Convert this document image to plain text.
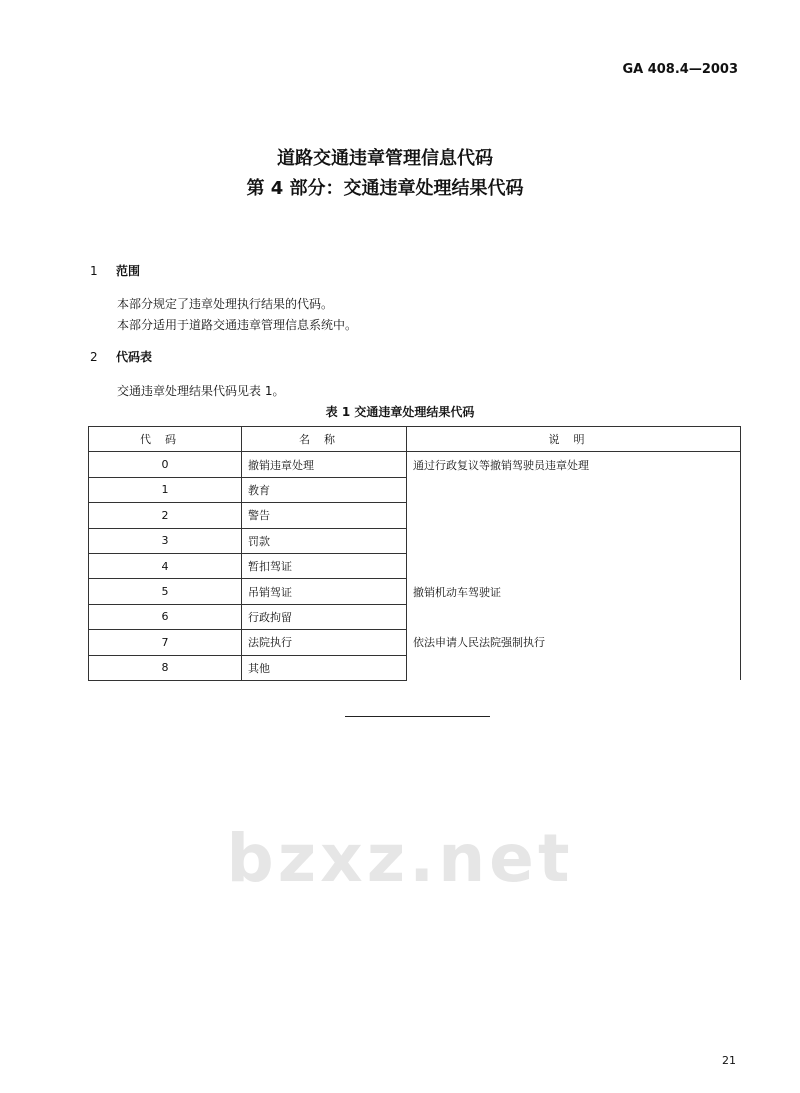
bzxz.net
GA 408.4—2003
道路交通违章管理信息代码
第 4 部分：交通违章处理结果代码
1 范围
本部分规定了违章处理执行结果的代码。
本部分适用于道路交通违章管理信息系统中。
2 代码表
交通违章处理结果代码见表 1。
表 1 交通违章处理结果代码
代码	名称	说明
0	撤销违章处理	通过行政复议等撤销驾驶员违章处理
1	教育	
2	警告	
3	罚款	
4	暂扣驾证	
5	吊销驾证	撤销机动车驾驶证
6	行政拘留	
7	法院执行	依法申请人民法院强制执行
8	其他	
21
